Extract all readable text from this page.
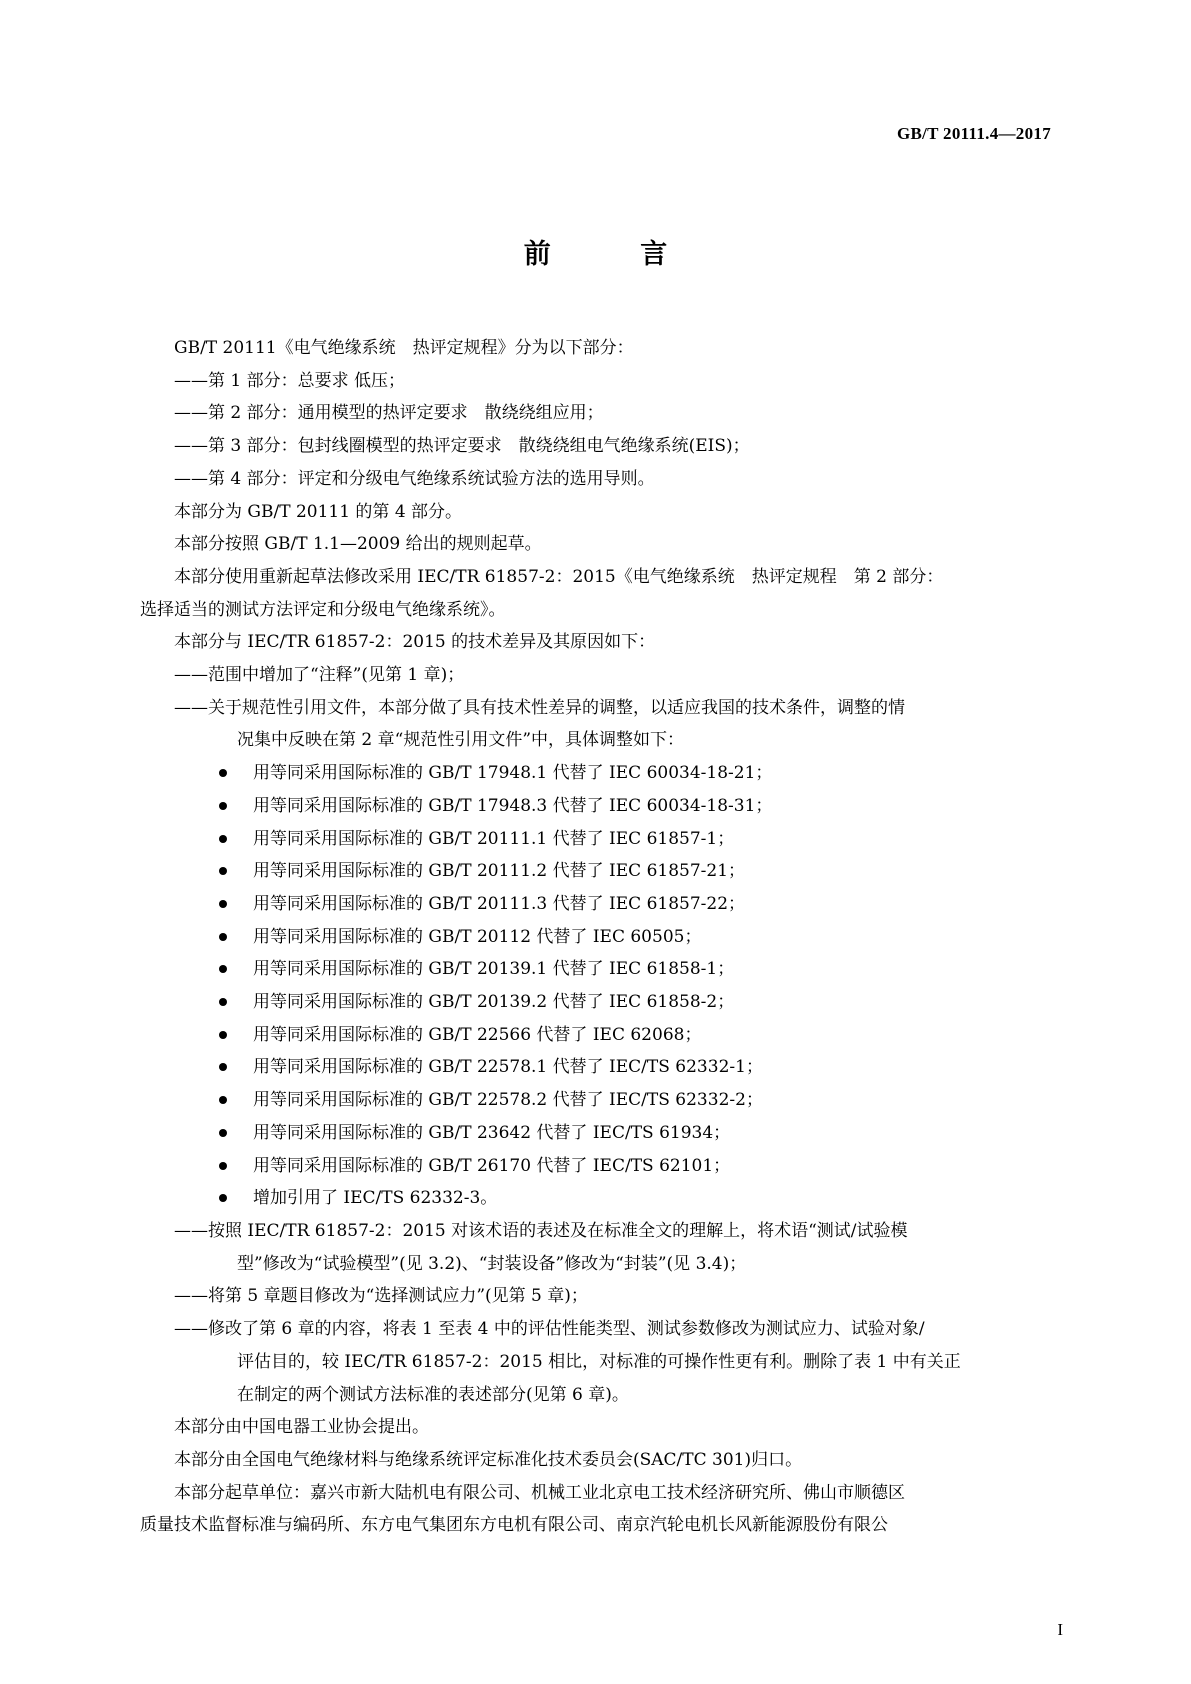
GB/T 20111.4—2017
前 言
GB/T 20111《电气绝缘系统　热评定规程》分为以下部分：
——第 1 部分：总要求 低压；
——第 2 部分：通用模型的热评定要求　散绕绕组应用；
——第 3 部分：包封线圈模型的热评定要求　散绕绕组电气绝缘系统(EIS)；
——第 4 部分：评定和分级电气绝缘系统试验方法的选用导则。
本部分为 GB/T 20111 的第 4 部分。
本部分按照 GB/T 1.1—2009 给出的规则起草。
本部分使用重新起草法修改采用 IEC/TR 61857-2：2015《电气绝缘系统　热评定规程　第 2 部分：
选择适当的测试方法评定和分级电气绝缘系统》。
本部分与 IEC/TR 61857-2：2015 的技术差异及其原因如下：
——范围中增加了“注释”(见第 1 章)；
——关于规范性引用文件，本部分做了具有技术性差异的调整，以适应我国的技术条件，调整的情
况集中反映在第 2 章“规范性引用文件”中，具体调整如下：
用等同采用国际标准的 GB/T 17948.1 代替了 IEC 60034-18-21；
用等同采用国际标准的 GB/T 17948.3 代替了 IEC 60034-18-31；
用等同采用国际标准的 GB/T 20111.1 代替了 IEC 61857-1；
用等同采用国际标准的 GB/T 20111.2 代替了 IEC 61857-21；
用等同采用国际标准的 GB/T 20111.3 代替了 IEC 61857-22；
用等同采用国际标准的 GB/T 20112 代替了 IEC 60505；
用等同采用国际标准的 GB/T 20139.1 代替了 IEC 61858-1；
用等同采用国际标准的 GB/T 20139.2 代替了 IEC 61858-2；
用等同采用国际标准的 GB/T 22566 代替了 IEC 62068；
用等同采用国际标准的 GB/T 22578.1 代替了 IEC/TS 62332-1；
用等同采用国际标准的 GB/T 22578.2 代替了 IEC/TS 62332-2；
用等同采用国际标准的 GB/T 23642 代替了 IEC/TS 61934；
用等同采用国际标准的 GB/T 26170 代替了 IEC/TS 62101；
增加引用了 IEC/TS 62332-3。
——按照 IEC/TR 61857-2：2015 对该术语的表述及在标准全文的理解上，将术语“测试/试验模
型”修改为“试验模型”(见 3.2)、“封装设备”修改为“封装”(见 3.4)；
——将第 5 章题目修改为“选择测试应力”(见第 5 章)；
——修改了第 6 章的内容，将表 1 至表 4 中的评估性能类型、测试参数修改为测试应力、试验对象/
评估目的，较 IEC/TR 61857-2：2015 相比，对标准的可操作性更有利。删除了表 1 中有关正
在制定的两个测试方法标准的表述部分(见第 6 章)。
本部分由中国电器工业协会提出。
本部分由全国电气绝缘材料与绝缘系统评定标准化技术委员会(SAC/TC 301)归口。
本部分起草单位：嘉兴市新大陆机电有限公司、机械工业北京电工技术经济研究所、佛山市顺德区
质量技术监督标准与编码所、东方电气集团东方电机有限公司、南京汽轮电机长风新能源股份有限公
I
